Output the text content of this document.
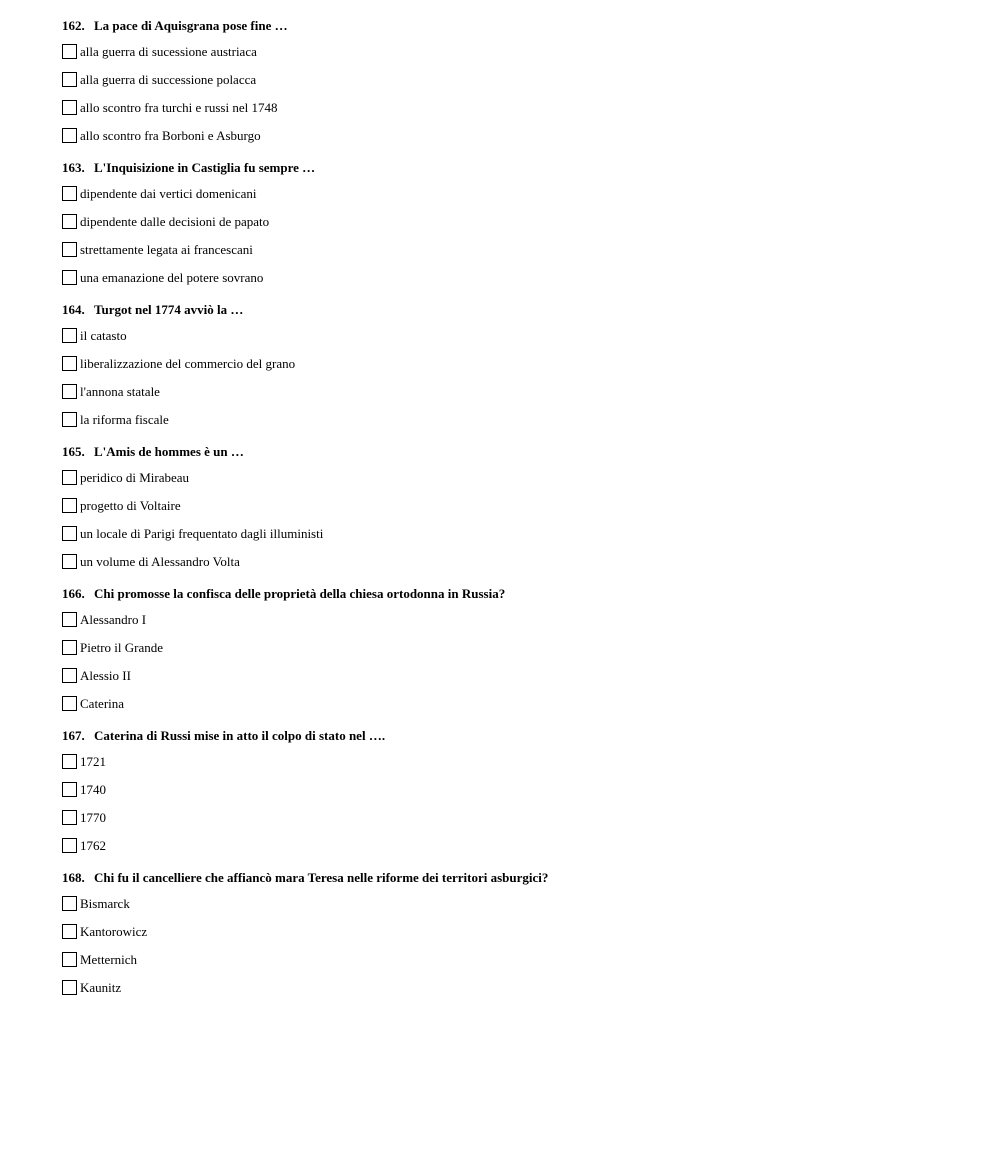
162. La pace di Aquisgrana pose fine …
alla guerra di sucessione austriaca
alla guerra di successione polacca
allo scontro fra turchi e russi nel 1748
allo scontro fra Borboni e Asburgo
163. L'Inquisizione in Castiglia fu sempre …
dipendente dai vertici domenicani
dipendente dalle decisioni de papato
strettamente legata ai francescani
una emanazione del potere sovrano
164. Turgot nel 1774 avviò la …
il catasto
liberalizzazione del commercio del grano
l'annona statale
la riforma fiscale
165. L'Amis de hommes è un …
peridico di Mirabeau
progetto di Voltaire
un locale di Parigi frequentato dagli illuministi
un volume di Alessandro Volta
166. Chi promosse la confisca delle proprietà della chiesa ortodonna in Russia?
Alessandro I
Pietro il Grande
Alessio II
Caterina
167. Caterina di Russi mise in atto il colpo di stato nel ….
1721
1740
1770
1762
168. Chi fu il cancelliere che affiancò mara Teresa nelle riforme dei territori asburgici?
Bismarck
Kantorowicz
Metternich
Kaunitz
